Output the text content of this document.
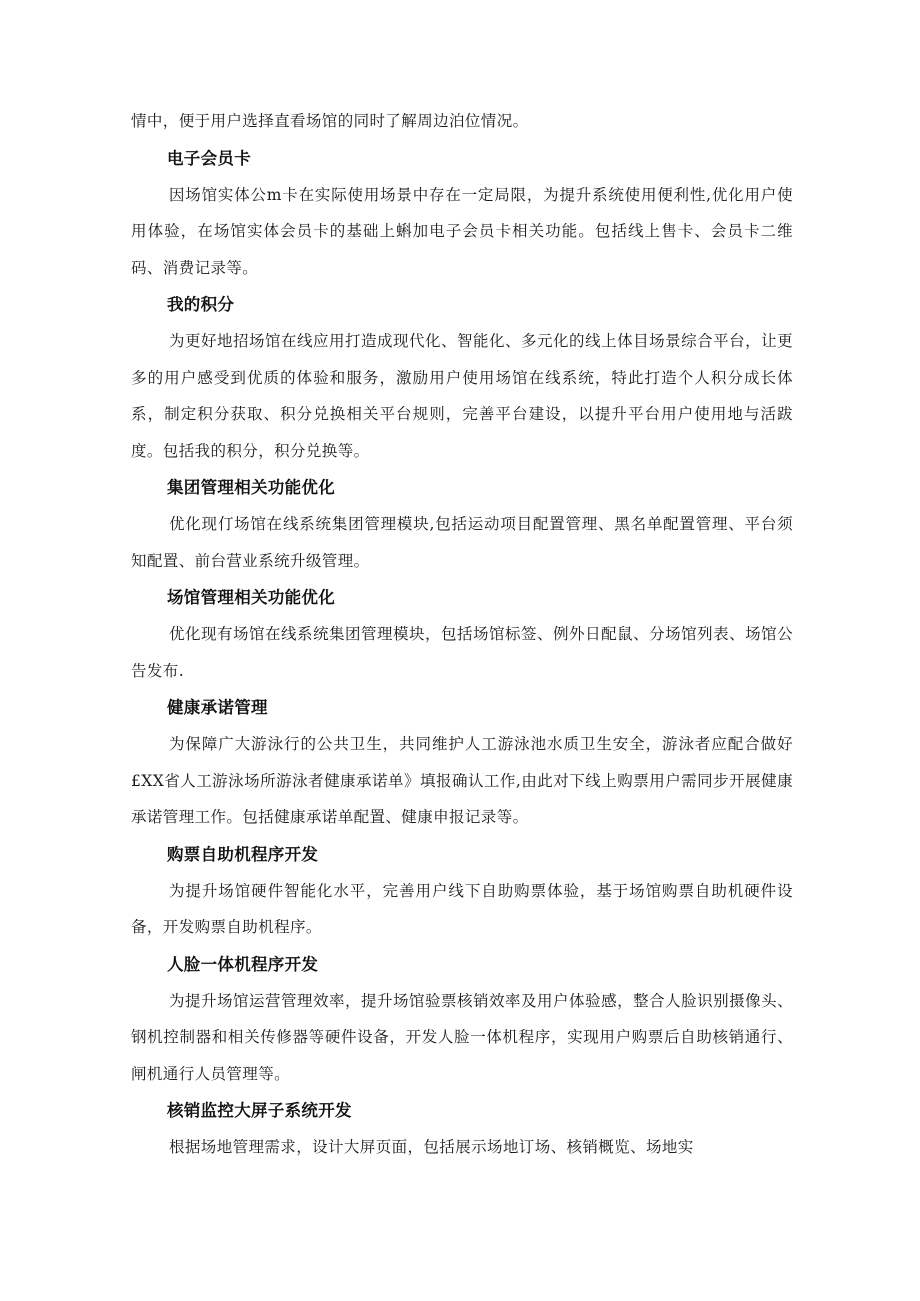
情中，便于用户选择直看场馆的同时了解周边泊位情况。

电子会员卡

因场馆实体公m卡在实际使用场景中存在一定局限，为提升系统使用便利性,优化用户使用体验，在场馆实体会员卡的基础上蝌加电子会员卡相关功能。包括线上售卡、会员卡二维码、消费记录等。

我的积分

为更好地招场馆在线应用打造成现代化、智能化、多元化的线上体目场景综合平台，让更多的用户感受到优质的体验和服务，激励用户使用场馆在线系统，特此打造个人积分成长体系，制定积分获取、积分兑换相关平台规则，完善平台建设，以提升平台用户使用地与活跋度。包括我的积分，积分兑换等。

集团管理相关功能优化

优化现仃场馆在线系统集团管理模块,包括运动项目配置管理、黑名单配置管理、平台须知配置、前台营业系统升级管理。

场馆管理相关功能优化

优化现有场馆在线系统集团管理模块，包括场馆标签、例外日配鼠、分场馆列表、场馆公告发布.

健康承诺管理

为保障广大游泳行的公共卫生，共同维护人工游泳池水质卫生安全，游泳者应配合做好£XX省人工游泳场所游泳者健康承诺单》填报确认工作,由此对下线上购票用户需同步开展健康承诺管理工作。包括健康承诺单配置、健康申报记录等。

购票自助机程序开发

为提升场馆硬件智能化水平，完善用户线下自助购票体验，基于场馆购票自助机硬件设备，开发购票自助机程序。

人脸一体机程序开发

为提升场馆运营管理效率，提升场馆验票核销效率及用户体验感，整合人脸识别摄像头、钢机控制器和相关传修器等硬件设备，开发人脸一体机程序，实现用户购票后自助核销通行、闸机通行人员管理等。

核销监控大屏子系统开发

根据场地管理需求，设计大屏页面，包括展示场地订场、核销概览、场地实
